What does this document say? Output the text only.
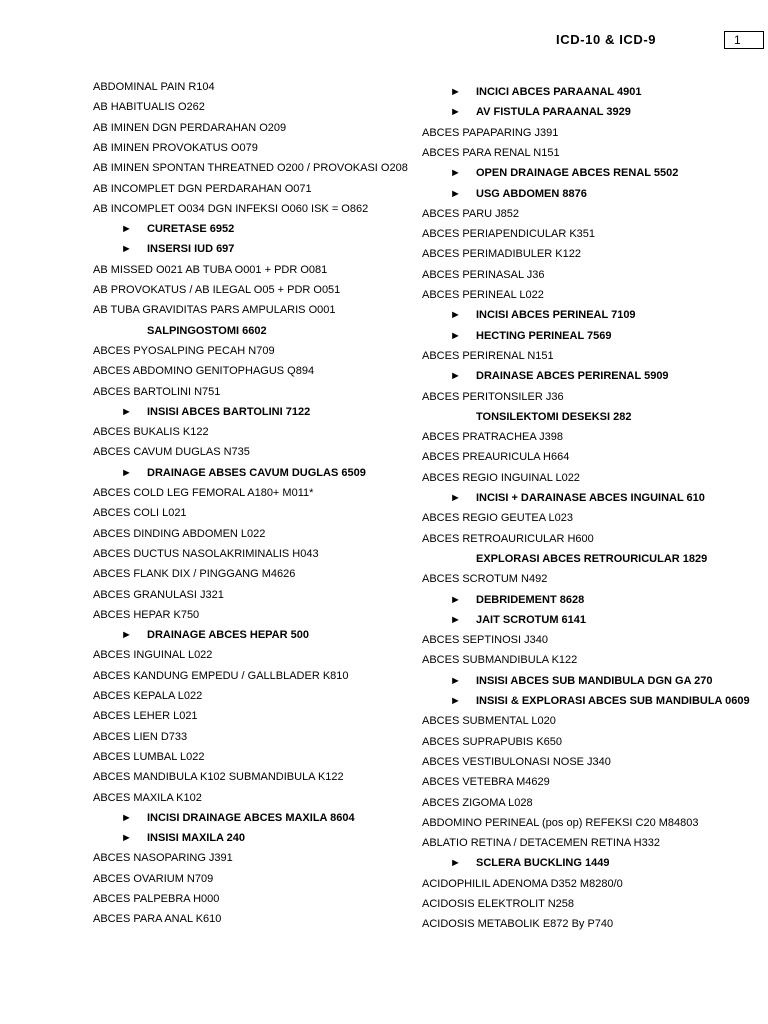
ICD-10 & ICD-9	1
ABDOMINAL PAIN R104
AB HABITUALIS O262
AB IMINEN DGN PERDARAHAN O209
AB IMINEN PROVOKATUS O079
AB IMINEN SPONTAN THREATNED O200 / PROVOKASI O208
AB INCOMPLET DGN PERDARAHAN O071
AB INCOMPLET O034 DGN INFEKSI O060 ISK = O862
► CURETASE 6952
► INSERSI IUD 697
AB MISSED O021 AB TUBA O001 + PDR O081
AB PROVOKATUS / AB ILEGAL O05 + PDR O051
AB TUBA GRAVIDITAS PARS AMPULARIS O001
SALPINGOSTOMI 6602
ABCES PYOSALPING PECAH N709
ABCES ABDOMINO GENITOPHAGUS Q894
ABCES BARTOLINI N751
► INSISI ABCES BARTOLINI 7122
ABCES BUKALIS K122
ABCES CAVUM DUGLAS N735
► DRAINAGE ABSES CAVUM DUGLAS 6509
ABCES COLD LEG FEMORAL A180+ M011*
ABCES COLI L021
ABCES DINDING ABDOMEN L022
ABCES DUCTUS NASOLAKRIMINALIS H043
ABCES FLANK DIX / PINGGANG M4626
ABCES GRANULASI J321
ABCES HEPAR K750
► DRAINAGE ABCES HEPAR 500
ABCES INGUINAL L022
ABCES KANDUNG EMPEDU / GALLBLADER K810
ABCES KEPALA L022
ABCES LEHER L021
ABCES LIEN D733
ABCES LUMBAL L022
ABCES MANDIBULA K102 SUBMANDIBULA K122
ABCES MAXILA K102
► INCISI DRAINAGE ABCES MAXILA 8604
► INSISI MAXILA 240
ABCES NASOPARING J391
ABCES OVARIUM N709
ABCES PALPEBRA H000
ABCES PARA ANAL K610
► INCICI ABCES PARAANAL 4901
► AV FISTULA PARAANAL 3929
ABCES PAPAPARING J391
ABCES PARA RENAL N151
► OPEN DRAINAGE ABCES RENAL 5502
► USG ABDOMEN 8876
ABCES PARU J852
ABCES PERIAPENDICULAR K351
ABCES PERIMADIBULER K122
ABCES PERINASAL J36
ABCES PERINEAL L022
► INCISI ABCES PERINEAL 7109
► HECTING PERINEAL 7569
ABCES PERIRENAL N151
► DRAINASE ABCES PERIRENAL 5909
ABCES PERITONSILER J36
TONSILEKTOMI DESEKSI 282
ABCES PRATRACHEA J398
ABCES PREAURICULA H664
ABCES REGIO INGUINAL L022
► INCISI + DARAINASE ABCES INGUINAL 610
ABCES REGIO GEUTEA L023
ABCES RETROAURICULAR H600
EXPLORASI ABCES RETROURICULAR 1829
ABCES SCROTUM N492
► DEBRIDEMENT 8628
► JAIT SCROTUM 6141
ABCES SEPTINOSI J340
ABCES SUBMANDIBULA K122
► INSISI ABCES SUB MANDIBULA DGN GA 270
► INSISI & EXPLORASI ABCES SUB MANDIBULA 0609
ABCES SUBMENTAL L020
ABCES SUPRAPUBIS K650
ABCES VESTIBULONASI NOSE J340
ABCES VETEBRA M4629
ABCES ZIGOMA L028
ABDOMINO PERINEAL (pos op) REFEKSI C20 M84803
ABLATIO RETINA / DETACEMEN RETINA H332
► SCLERA BUCKLING 1449
ACIDOPHILIL ADENOMA D352 M8280/0
ACIDOSIS ELEKTROLIT N258
ACIDOSIS METABOLIK E872 By P740
